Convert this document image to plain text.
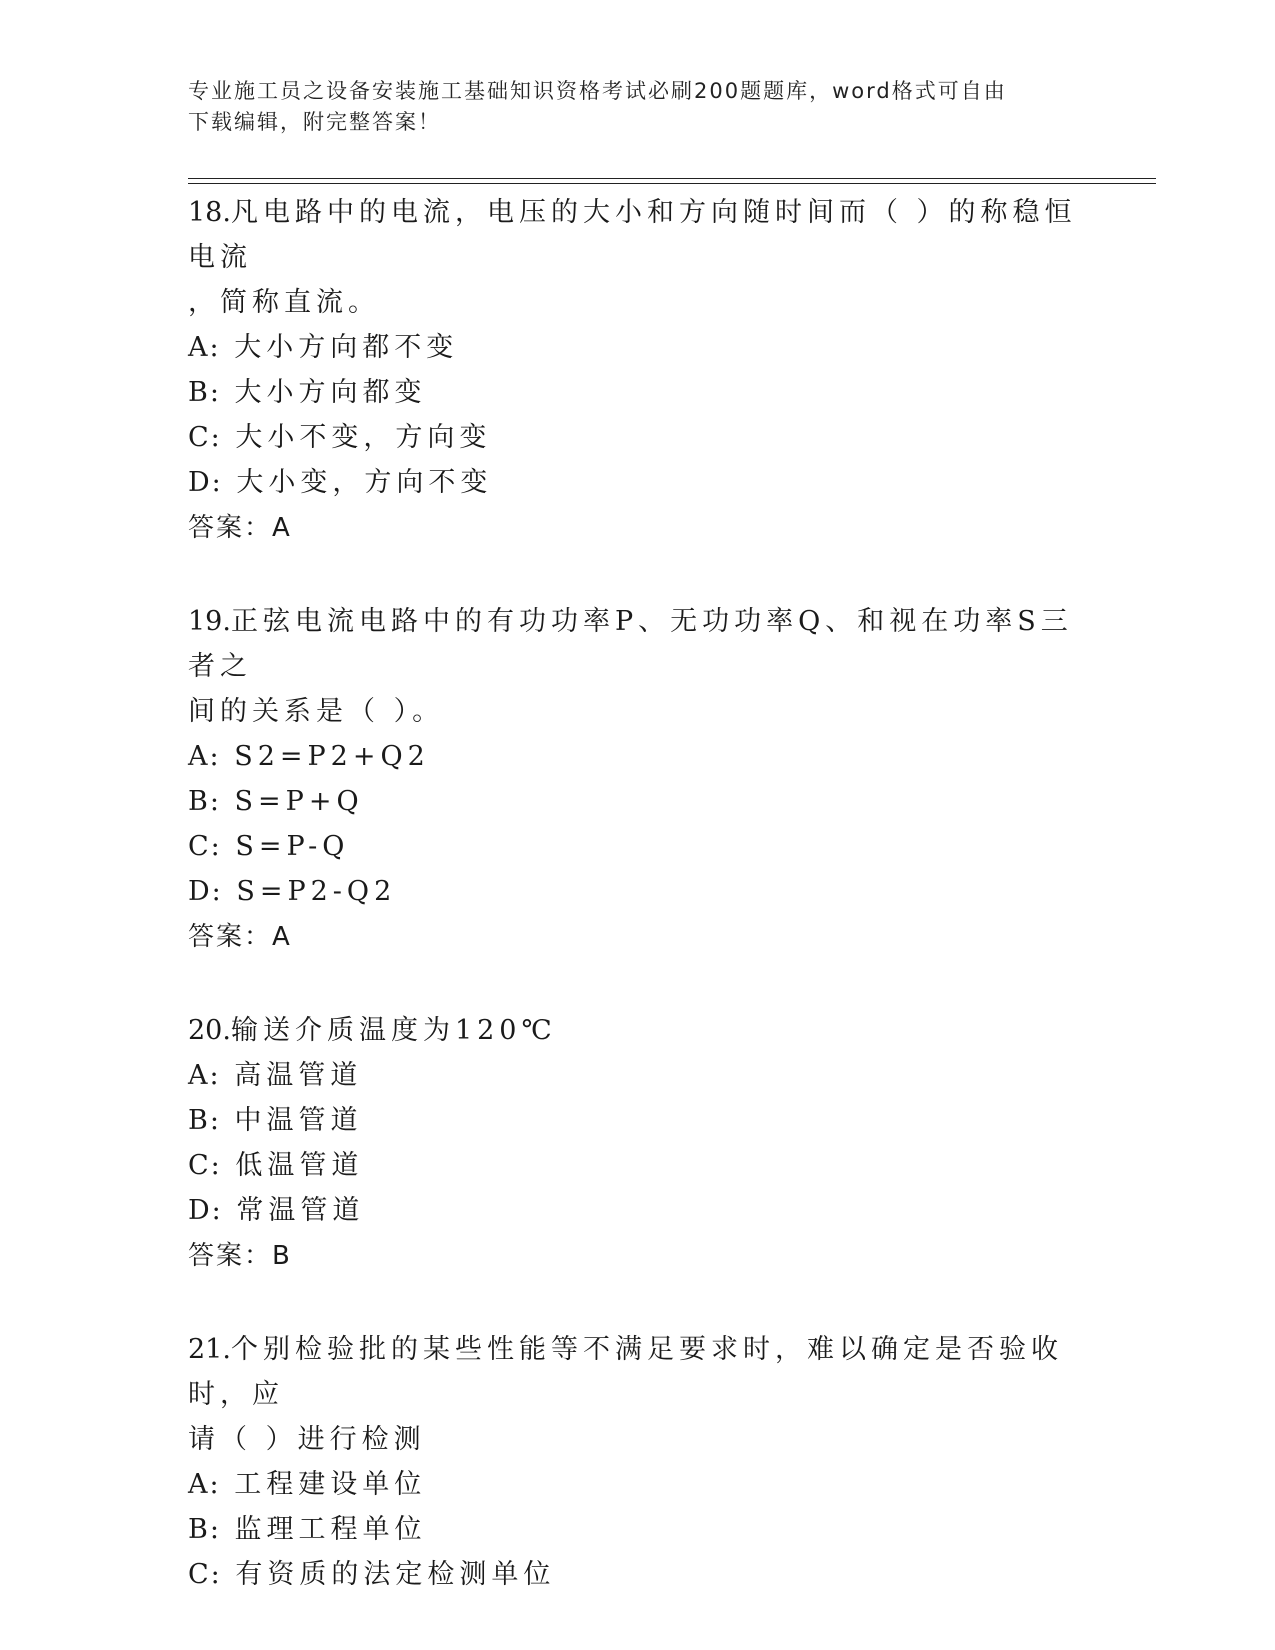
专业施工员之设备安装施工基础知识资格考试必刷200题题库，word格式可自由
下载编辑，附完整答案！

18.凡电路中的电流，电压的大小和方向随时间而（ ）的称稳恒电流

，简称直流。

A: 大小方向都不变

B: 大小方向都变

C: 大小不变，方向变

D: 大小变，方向不变

答案：A

19.正弦电流电路中的有功功率P、无功功率Q、和视在功率S三者之

间的关系是（ ）。

A: S2=P2+Q2

B: S=P+Q

C: S=P-Q

D: S=P2-Q2

答案：A

20.输送介质温度为120℃

A: 高温管道

B: 中温管道

C: 低温管道

D: 常温管道

答案：B

21.个别检验批的某些性能等不满足要求时，难以确定是否验收时，应

请（ ）进行检测

A: 工程建设单位

B: 监理工程单位

C: 有资质的法定检测单位
